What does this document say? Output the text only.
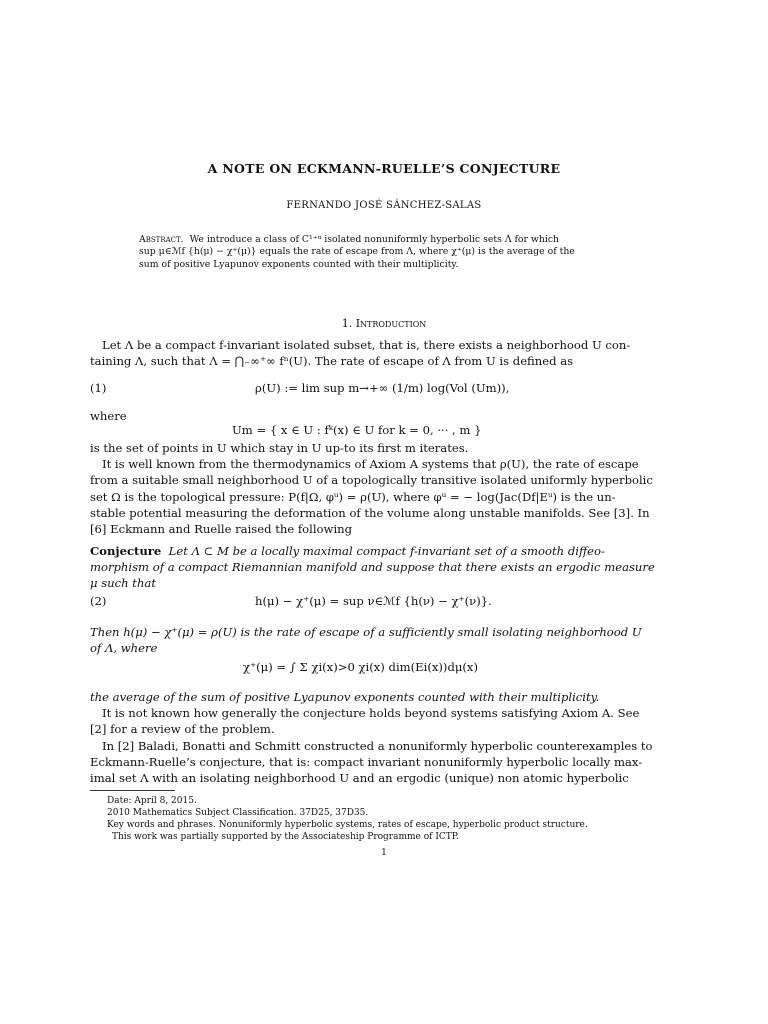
A NOTE ON ECKMANN-RUELLE’S CONJECTURE
FERNANDO JOSÉ SÁNCHEZ-SALAS
Abstract. We introduce a class of C¹⁺ᵅ isolated nonuniformly hyperbolic sets Λ for which
sup μ∈ℳf {h(μ) − χ⁺(μ)} equals the rate of escape from Λ, where χ⁺(μ) is the average of the
sum of positive Lyapunov exponents counted with their multiplicity.
1. Introduction

Let Λ be a compact f-invariant isolated subset, that is, there exists a neighborhood U con-

taining Λ, such that Λ = ⋂₋∞⁺∞ fⁿ(U). The rate of escape of Λ from U is defined as

(1)	ρ(U) := lim sup m→+∞ (1/m) log(Vol (Um)),

where

Um = { x ∈ U : fᵏ(x) ∈ U for k = 0, ··· , m }

is the set of points in U which stay in U up-to its first m iterates.

It is well known from the thermodynamics of Axiom A systems that ρ(U), the rate of escape

from a suitable small neighborhood U of a topologically transitive isolated uniformly hyperbolic

set Ω is the topological pressure: P(f|Ω, φᵘ) = ρ(U), where φᵘ = − log(Jac(Df|Eᵘ) is the un-

stable potential measuring the deformation of the volume along unstable manifolds. See [3]. In

[6] Eckmann and Ruelle raised the following

Conjecture Let Λ ⊂ M be a locally maximal compact f-invariant set of a smooth diffeo-

morphism of a compact Riemannian manifold and suppose that there exists an ergodic measure

μ such that

(2)	h(μ) − χ⁺(μ) = sup ν∈ℳf {h(ν) − χ⁺(ν)}.

Then h(μ) − χ⁺(μ) = ρ(U) is the rate of escape of a sufficiently small isolating neighborhood U

of Λ, where

χ⁺(μ) = ∫ Σ χi(x)>0 χi(x) dim(Ei(x))dμ(x)

the average of the sum of positive Lyapunov exponents counted with their multiplicity.

It is not known how generally the conjecture holds beyond systems satisfying Axiom A. See

[2] for a review of the problem.

In [2] Baladi, Bonatti and Schmitt constructed a nonuniformly hyperbolic counterexamples to

Eckmann-Ruelle’s conjecture, that is: compact invariant nonuniformly hyperbolic locally max-

imal set Λ with an isolating neighborhood U and an ergodic (unique) non atomic hyperbolic

Date: April 8, 2015.
2010 Mathematics Subject Classification. 37D25, 37D35.
Key words and phrases. Nonuniformly hyperbolic systems, rates of escape, hyperbolic product structure.
This work was partially supported by the Associateship Programme of ICTP.
1
